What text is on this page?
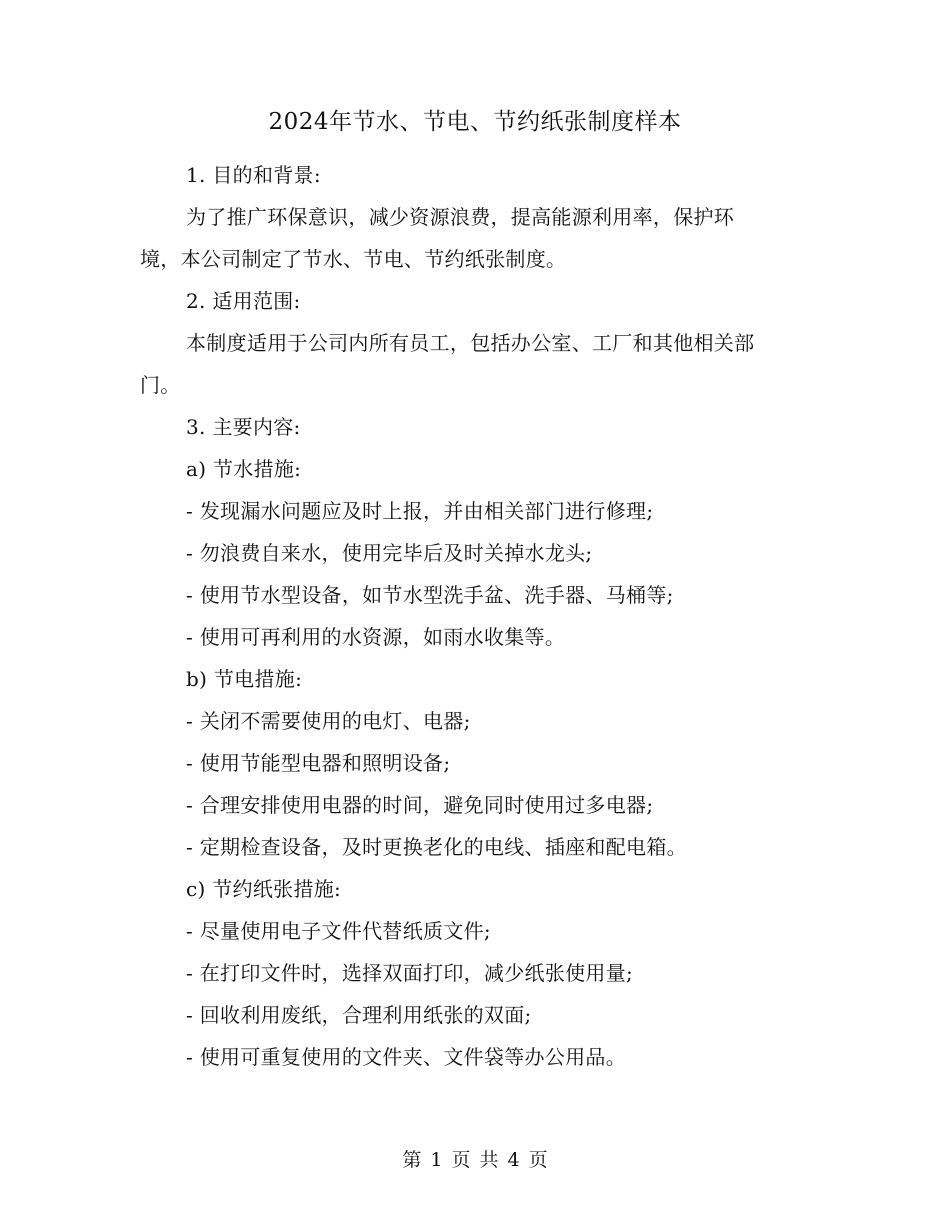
2024年节水、节电、节约纸张制度样本
1. 目的和背景:
为了推广环保意识，减少资源浪费，提高能源利用率，保护环
境，本公司制定了节水、节电、节约纸张制度。
2. 适用范围:
本制度适用于公司内所有员工，包括办公室、工厂和其他相关部
门。
3. 主要内容:
a) 节水措施:
- 发现漏水问题应及时上报，并由相关部门进行修理;
- 勿浪费自来水，使用完毕后及时关掉水龙头;
- 使用节水型设备，如节水型洗手盆、洗手器、马桶等;
- 使用可再利用的水资源，如雨水收集等。
b) 节电措施:
- 关闭不需要使用的电灯、电器;
- 使用节能型电器和照明设备;
- 合理安排使用电器的时间，避免同时使用过多电器;
- 定期检查设备，及时更换老化的电线、插座和配电箱。
c) 节约纸张措施:
- 尽量使用电子文件代替纸质文件;
- 在打印文件时，选择双面打印，减少纸张使用量;
- 回收利用废纸，合理利用纸张的双面;
- 使用可重复使用的文件夹、文件袋等办公用品。
第 1 页 共 4 页
